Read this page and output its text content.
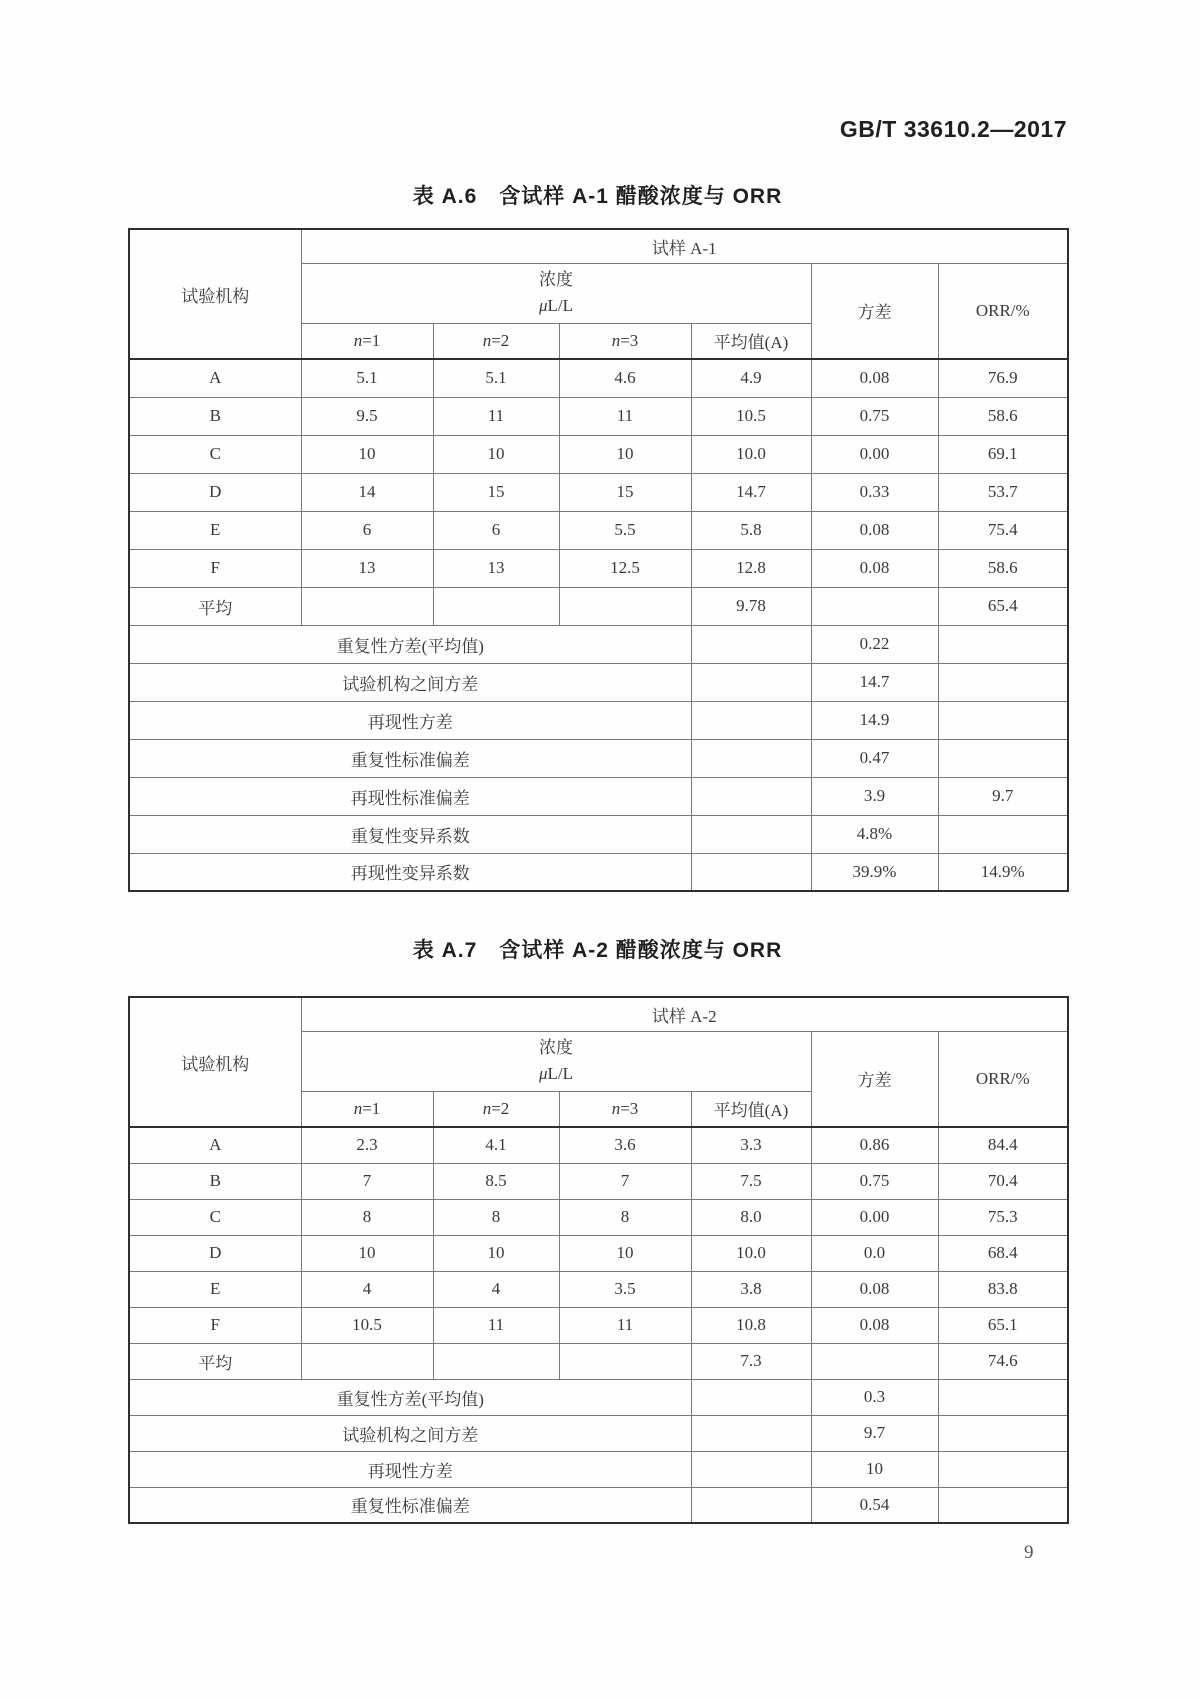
GB/T 33610.2—2017
表 A.6　含试样 A-1 醋酸浓度与 ORR
试验机构	试样 A-1					

	浓度
μL/L				方差	ORR/%
	n=1	n=2	n=3	平均值(A)		
A	5.1	5.1	4.6	4.9	0.08	76.9
B	9.5	11	11	10.5	0.75	58.6
C	10	10	10	10.0	0.00	69.1
D	14	15	15	14.7	0.33	53.7
E	6	6	5.5	5.8	0.08	75.4
F	13	13	12.5	12.8	0.08	58.6
平均				9.78		65.4
重复性方差(平均值)					0.22	
试验机构之间方差					14.7	
再现性方差					14.9	
重复性标准偏差					0.47	
再现性标准偏差					3.9	9.7
重复性变异系数					4.8%	
再现性变异系数					39.9%	14.9%
表 A.7　含试样 A-2 醋酸浓度与 ORR
试验机构	试样 A-2					

	浓度
μL/L				方差	ORR/%
	n=1	n=2	n=3	平均值(A)		
A	2.3	4.1	3.6	3.3	0.86	84.4
B	7	8.5	7	7.5	0.75	70.4
C	8	8	8	8.0	0.00	75.3
D	10	10	10	10.0	0.0	68.4
E	4	4	3.5	3.8	0.08	83.8
F	10.5	11	11	10.8	0.08	65.1
平均				7.3		74.6
重复性方差(平均值)					0.3	
试验机构之间方差					9.7	
再现性方差					10	
重复性标准偏差					0.54	
9
